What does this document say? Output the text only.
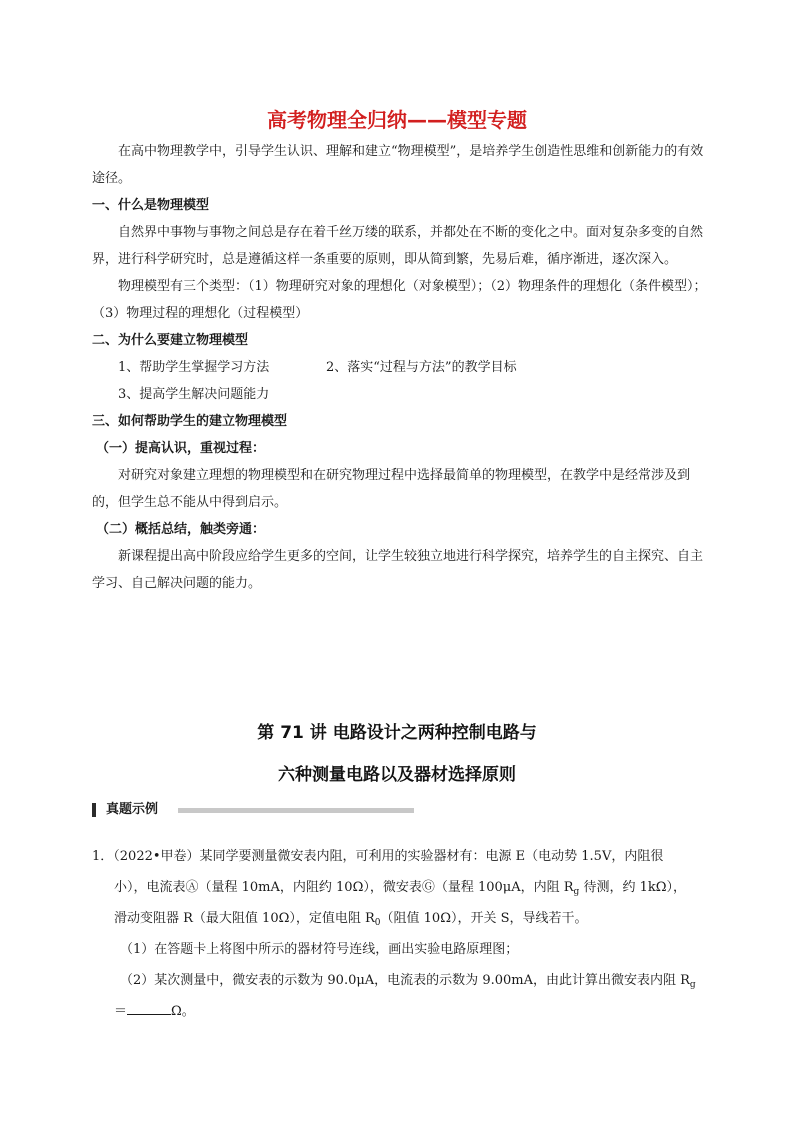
高考物理全归纳——模型专题
在高中物理教学中，引导学生认识、理解和建立“物理模型”，是培养学生创造性思维和创新能力的有效途径。
一、什么是物理模型
自然界中事物与事物之间总是存在着千丝万缕的联系，并都处在不断的变化之中。面对复杂多变的自然界，进行科学研究时，总是遵循这样一条重要的原则，即从简到繁，先易后难，循序渐进，逐次深入。
物理模型有三个类型：（1）物理研究对象的理想化（对象模型）；（2）物理条件的理想化（条件模型）；（3）物理过程的理想化（过程模型）
二、为什么要建立物理模型
1、帮助学生掌握学习方法	2、落实“过程与方法”的教学目标
3、提高学生解决问题能力
三、如何帮助学生的建立物理模型
（一）提高认识，重视过程：
对研究对象建立理想的物理模型和在研究物理过程中选择最简单的物理模型，在教学中是经常涉及到的，但学生总不能从中得到启示。
（二）概括总结，触类旁通：
新课程提出高中阶段应给学生更多的空间，让学生较独立地进行科学探究，培养学生的自主探究、自主学习、自己解决问题的能力。
第 71 讲 电路设计之两种控制电路与
六种测量电路以及器材选择原则
真题示例
1．（2022•甲卷）某同学要测量微安表内阻，可利用的实验器材有：电源 E（电动势 1.5V，内阻很
小），电流表Ⓐ（量程 10mA，内阻约 10Ω），微安表Ⓖ（量程 100μA，内阻 $R_g$ 待测，约 1kΩ），
滑动变阻器 R（最大阻值 10Ω），定值电阻 $R_0$（阻值 10Ω），开关 S，导线若干。
（1）在答题卡上将图中所示的器材符号连线，画出实验电路原理图；
（2）某次测量中，微安表的示数为 90.0μA，电流表的示数为 9.00mA，由此计算出微安表内阻 $R_g$
＝	Ω。
